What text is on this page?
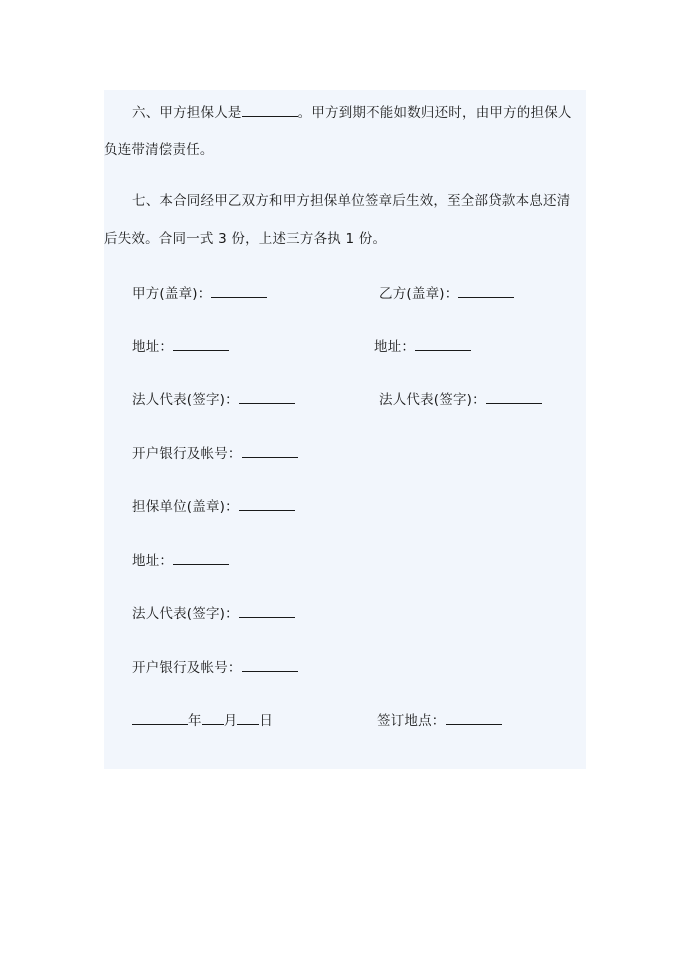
六、甲方担保人是	。甲方到期不能如数归还时，由甲方的担保人
负连带清偿责任。
七、本合同经甲乙双方和甲方担保单位签章后生效，至全部贷款本息还清
后失效。合同一式 3 份，上述三方各执 1 份。
甲方(盖章)：	乙方(盖章)：
地址：	地址：
法人代表(签字)：	法人代表(签字)：
开户银行及帐号：
担保单位(盖章)：
地址：
法人代表(签字)：
开户银行及帐号：
年 月 日	签订地点：
